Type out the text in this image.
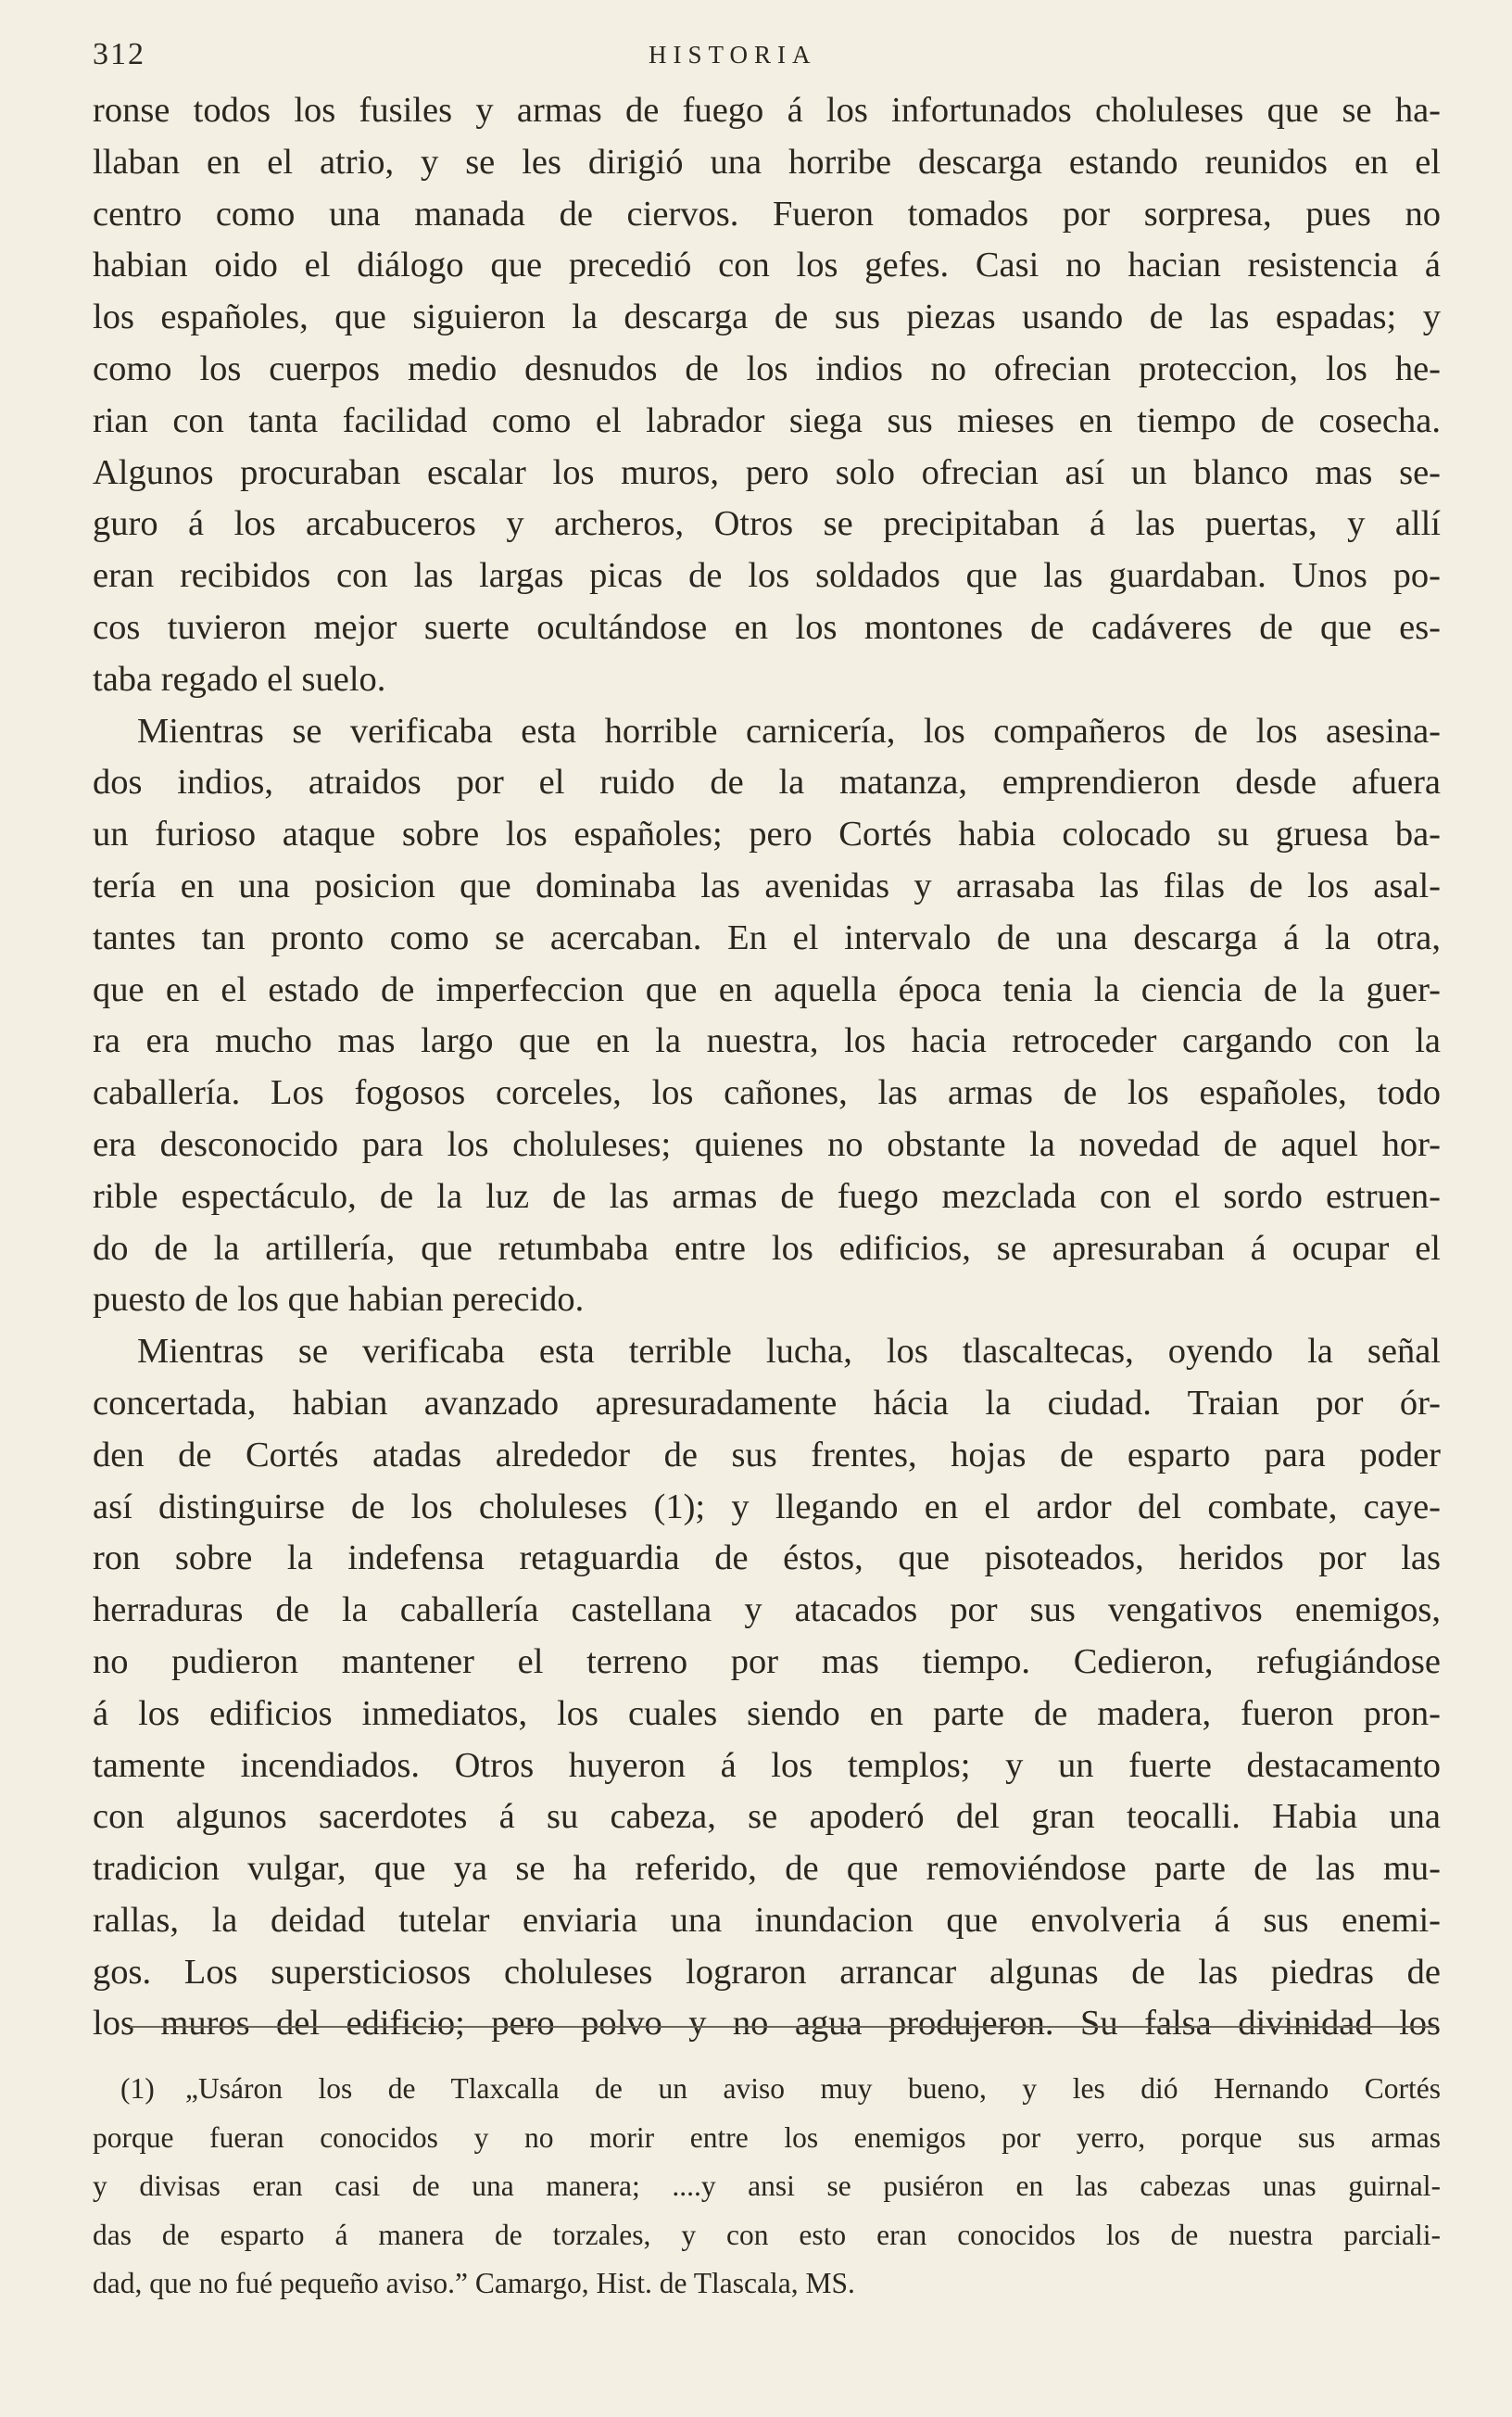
312	HISTORIA
ronse todos los fusiles y armas de fuego á los infortunados choluleses que se ha-
llaban en el atrio, y se les dirigió una horribe descarga estando reunidos en el
centro como una manada de ciervos. Fueron tomados por sorpresa, pues no
habian oido el diálogo que precedió con los gefes. Casi no hacian resistencia á
los españoles, que siguieron la descarga de sus piezas usando de las espadas; y
como los cuerpos medio desnudos de los indios no ofrecian proteccion, los he-
rian con tanta facilidad como el labrador siega sus mieses en tiempo de cosecha.
Algunos procuraban escalar los muros, pero solo ofrecian así un blanco mas se-
guro á los arcabuceros y archeros, Otros se precipitaban á las puertas, y allí
eran recibidos con las largas picas de los soldados que las guardaban. Unos po-
cos tuvieron mejor suerte ocultándose en los montones de cadáveres de que es-
taba regado el suelo.
Mientras se verificaba esta horrible carnicería, los compañeros de los asesina-
dos indios, atraidos por el ruido de la matanza, emprendieron desde afuera
un furioso ataque sobre los españoles; pero Cortés habia colocado su gruesa ba-
tería en una posicion que dominaba las avenidas y arrasaba las filas de los asal-
tantes tan pronto como se acercaban. En el intervalo de una descarga á la otra,
que en el estado de imperfeccion que en aquella época tenia la ciencia de la guer-
ra era mucho mas largo que en la nuestra, los hacia retroceder cargando con la
caballería. Los fogosos corceles, los cañones, las armas de los españoles, todo
era desconocido para los choluleses; quienes no obstante la novedad de aquel hor-
rible espectáculo, de la luz de las armas de fuego mezclada con el sordo estruen-
do de la artillería, que retumbaba entre los edificios, se apresuraban á ocupar el
puesto de los que habian perecido.
Mientras se verificaba esta terrible lucha, los tlascaltecas, oyendo la señal
concertada, habian avanzado apresuradamente hácia la ciudad. Traian por ór-
den de Cortés atadas alrededor de sus frentes, hojas de esparto para poder
así distinguirse de los choluleses (1); y llegando en el ardor del combate, caye-
ron sobre la indefensa retaguardia de éstos, que pisoteados, heridos por las
herraduras de la caballería castellana y atacados por sus vengativos enemigos,
no pudieron mantener el terreno por mas tiempo. Cedieron, refugiándose
á los edificios inmediatos, los cuales siendo en parte de madera, fueron pron-
tamente incendiados. Otros huyeron á los templos; y un fuerte destacamento
con algunos sacerdotes á su cabeza, se apoderó del gran teocalli. Habia una
tradicion vulgar, que ya se ha referido, de que removiéndose parte de las mu-
rallas, la deidad tutelar enviaria una inundacion que envolveria á sus enemi-
gos. Los supersticiosos choluleses lograron arrancar algunas de las piedras de
los muros del edificio; pero polvo y no agua produjeron. Su falsa divinidad los
(1) „Usáron los de Tlaxcalla de un aviso muy bueno, y les dió Hernando Cortés
porque fueran conocidos y no morir entre los enemigos por yerro, porque sus armas
y divisas eran casi de una manera; ....y ansi se pusiéron en las cabezas unas guirnal-
das de esparto á manera de torzales, y con esto eran conocidos los de nuestra parciali-
dad, que no fué pequeño aviso.” Camargo, Hist. de Tlascala, MS.
